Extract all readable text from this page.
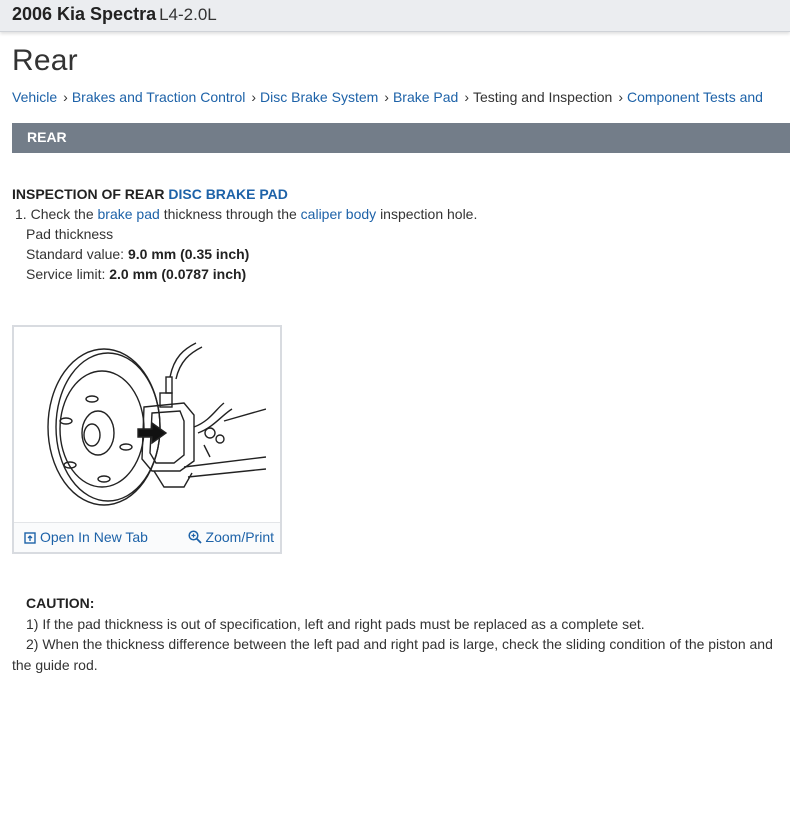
2006 Kia Spectra L4-2.0L
Rear
Vehicle › Brakes and Traction Control › Disc Brake System › Brake Pad › Testing and Inspection › Component Tests and
REAR
INSPECTION OF REAR DISC BRAKE PAD
1. Check the brake pad thickness through the caliper body inspection hole.
Pad thickness
Standard value: 9.0 mm (0.35 inch)
Service limit: 2.0 mm (0.0787 inch)
Open In New Tab	Zoom/Print
CAUTION:
1) If the pad thickness is out of specification, left and right pads must be replaced as a complete set.
2) When the thickness difference between the left pad and right pad is large, check the sliding condition of the piston and the guide rod.
